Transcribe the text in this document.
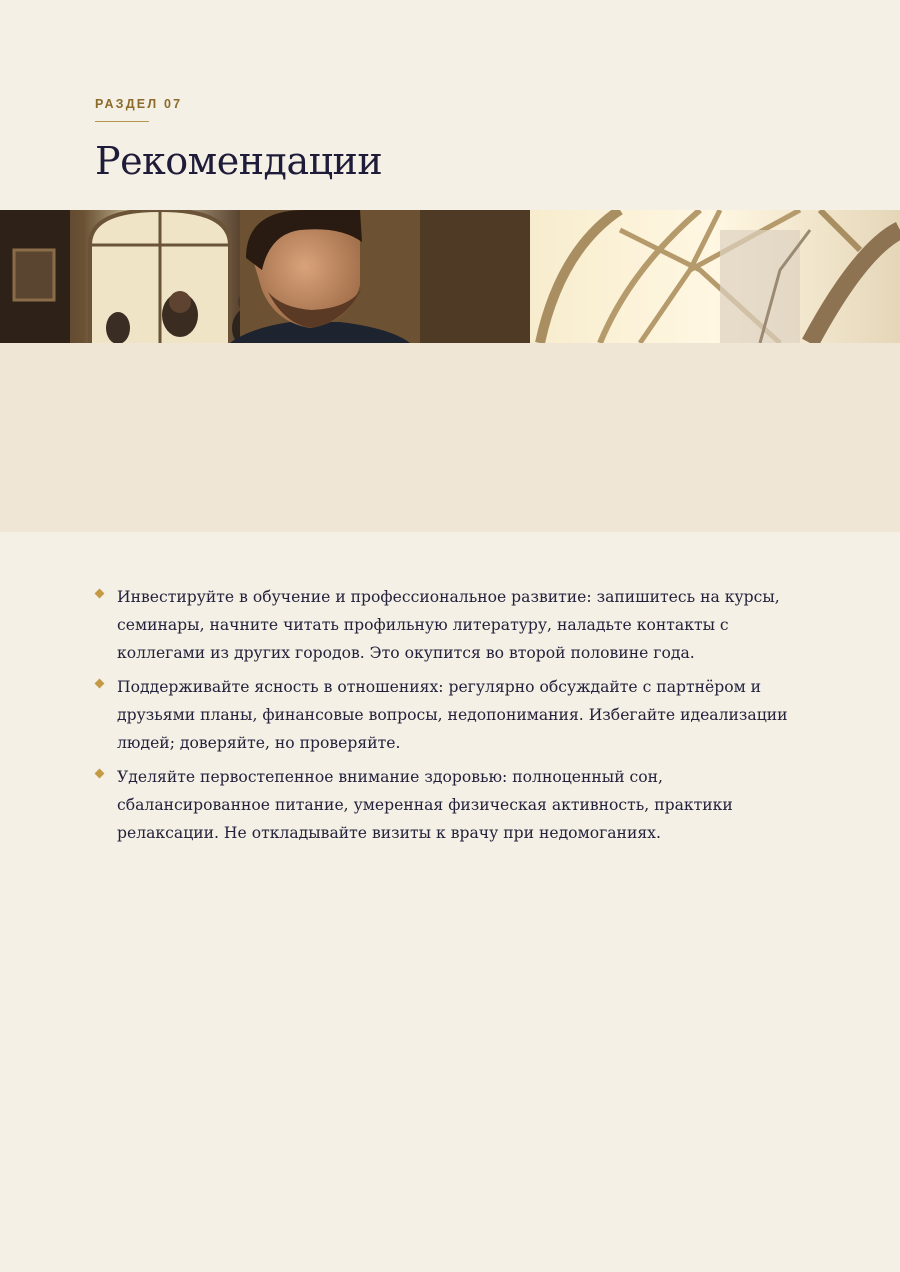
РАЗДЕЛ 07
Рекомендации
Инвестируйте в обучение и профессиональное развитие: запишитесь на курсы, семинары, начните читать профильную литературу, наладьте контакты с коллегами из других городов. Это окупится во второй половине года.
Поддерживайте ясность в отношениях: регулярно обсуждайте с партнёром и друзьями планы, финансовые вопросы, недопонимания. Избегайте идеализации людей; доверяйте, но проверяйте.
Уделяйте первостепенное внимание здоровью: полноценный сон, сбалансированное питание, умеренная физическая активность, практики релаксации. Не откладывайте визиты к врачу при недомоганиях.
